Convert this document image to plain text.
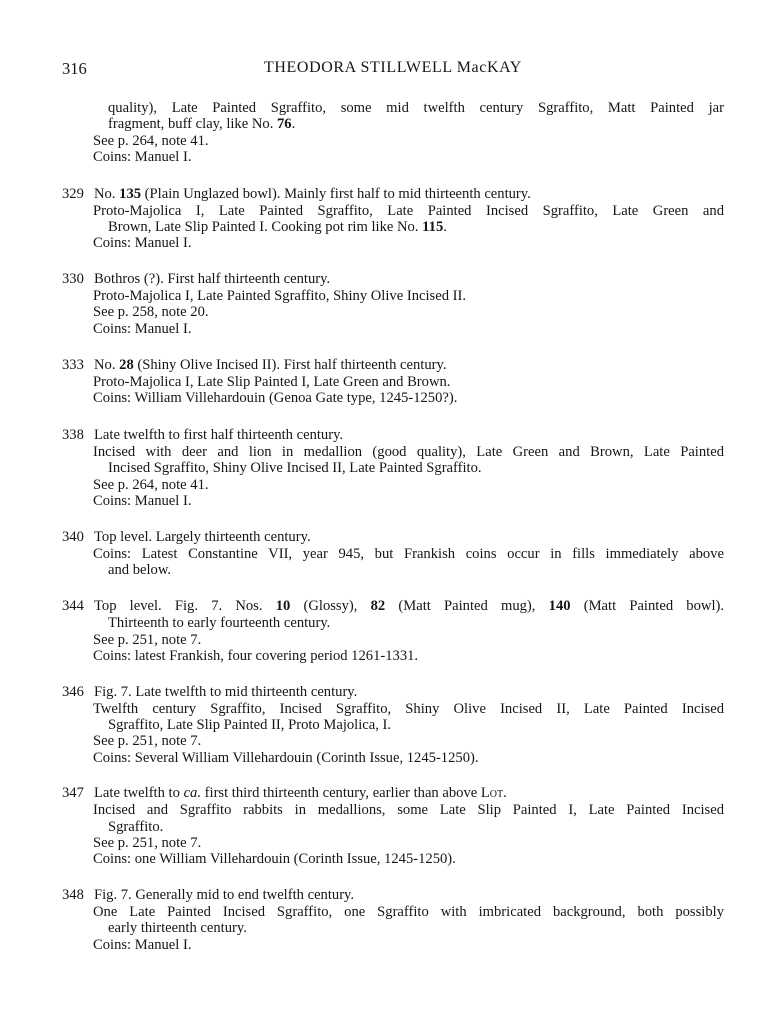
316	THEODORA STILLWELL MacKAY
quality), Late Painted Sgraffito, some mid twelfth century Sgraffito, Matt Painted jar
fragment, buff clay, like No. 76.
See p. 264, note 41.
Coins: Manuel I.
329 No. 135 (Plain Unglazed bowl). Mainly first half to mid thirteenth century.
Proto-Majolica I, Late Painted Sgraffito, Late Painted Incised Sgraffito, Late Green and
Brown, Late Slip Painted I. Cooking pot rim like No. 115.
Coins: Manuel I.
330 Bothros (?). First half thirteenth century.
Proto-Majolica I, Late Painted Sgraffito, Shiny Olive Incised II.
See p. 258, note 20.
Coins: Manuel I.
333 No. 28 (Shiny Olive Incised II). First half thirteenth century.
Proto-Majolica I, Late Slip Painted I, Late Green and Brown.
Coins: William Villehardouin (Genoa Gate type, 1245-1250?).
338 Late twelfth to first half thirteenth century.
Incised with deer and lion in medallion (good quality), Late Green and Brown, Late Painted
Incised Sgraffito, Shiny Olive Incised II, Late Painted Sgraffito.
See p. 264, note 41.
Coins: Manuel I.
340 Top level. Largely thirteenth century.
Coins: Latest Constantine VII, year 945, but Frankish coins occur in fills immediately above
and below.
344 Top level. Fig. 7. Nos. 10 (Glossy), 82 (Matt Painted mug), 140 (Matt Painted bowl).
Thirteenth to early fourteenth century.
See p. 251, note 7.
Coins: latest Frankish, four covering period 1261-1331.
346 Fig. 7. Late twelfth to mid thirteenth century.
Twelfth century Sgraffito, Incised Sgraffito, Shiny Olive Incised II, Late Painted Incised
Sgraffito, Late Slip Painted II, Proto Majolica, I.
See p. 251, note 7.
Coins: Several William Villehardouin (Corinth Issue, 1245-1250).
347 Late twelfth to ca. first third thirteenth century, earlier than above Lot.
Incised and Sgraffito rabbits in medallions, some Late Slip Painted I, Late Painted Incised
Sgraffito.
See p. 251, note 7.
Coins: one William Villehardouin (Corinth Issue, 1245-1250).
348 Fig. 7. Generally mid to end twelfth century.
One Late Painted Incised Sgraffito, one Sgraffito with imbricated background, both possibly
early thirteenth century.
Coins: Manuel I.
